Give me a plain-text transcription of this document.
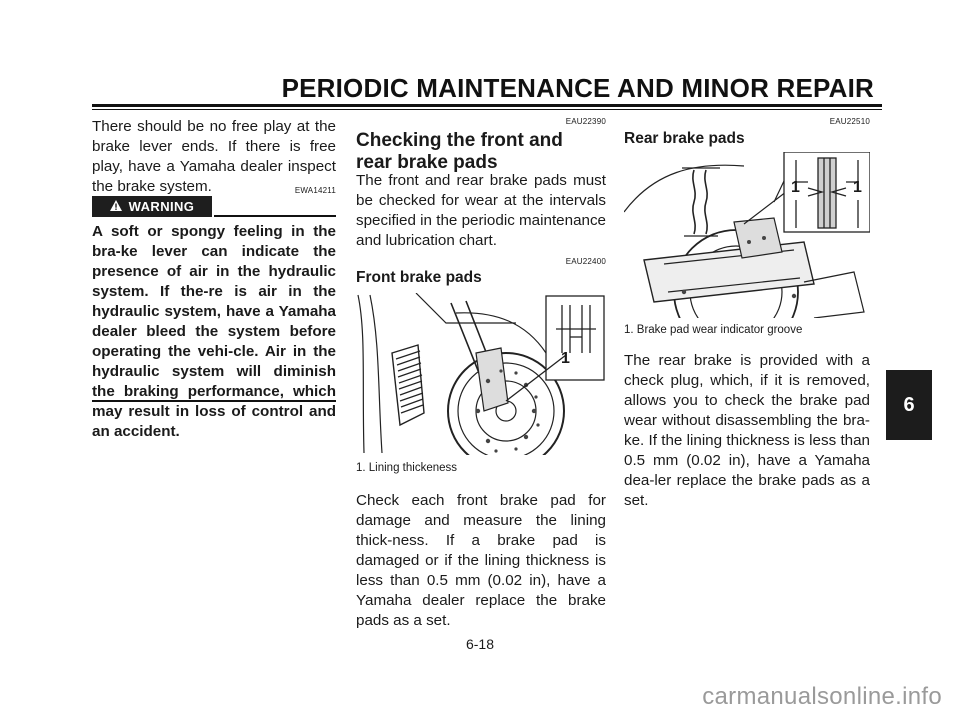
PERIODIC MAINTENANCE AND MINOR REPAIR

There should be no free play at the brake lever ends. If there is free play, have a Yamaha dealer inspect the brake system.	EWA14211
WARNING

A soft or spongy feeling in the bra-ke lever can indicate the presence of air in the hydraulic system. If the-re is air in the hydraulic system, have a Yamaha dealer bleed the system before operating the vehi-cle. Air in the hydraulic system will diminish the braking performance, which may result in loss of control and an accident.

EAU22390
Checking the front and rear brake pads

The front and rear brake pads must be checked for wear at the intervals specified in the periodic maintenance and lubrication chart.

EAU22400
Front brake pads
1
1. Lining thickeness

Check each front brake pad for damage and measure the lining thick-ness. If a brake pad is damaged or if the lining thickness is less than 0.5 mm (0.02 in), have a Yamaha dealer replace the brake pads as a set.

EAU22510
Rear brake pads
1	1
1. Brake pad wear indicator groove

The rear brake is provided with a check plug, which, if it is removed, allows you to check the brake pad wear without disassembling the bra-ke. If the lining thickness is less than 0.5 mm (0.02 in), have a Yamaha dea-ler replace the brake pads as a set.

6
6-18
carmanualsonline.info
